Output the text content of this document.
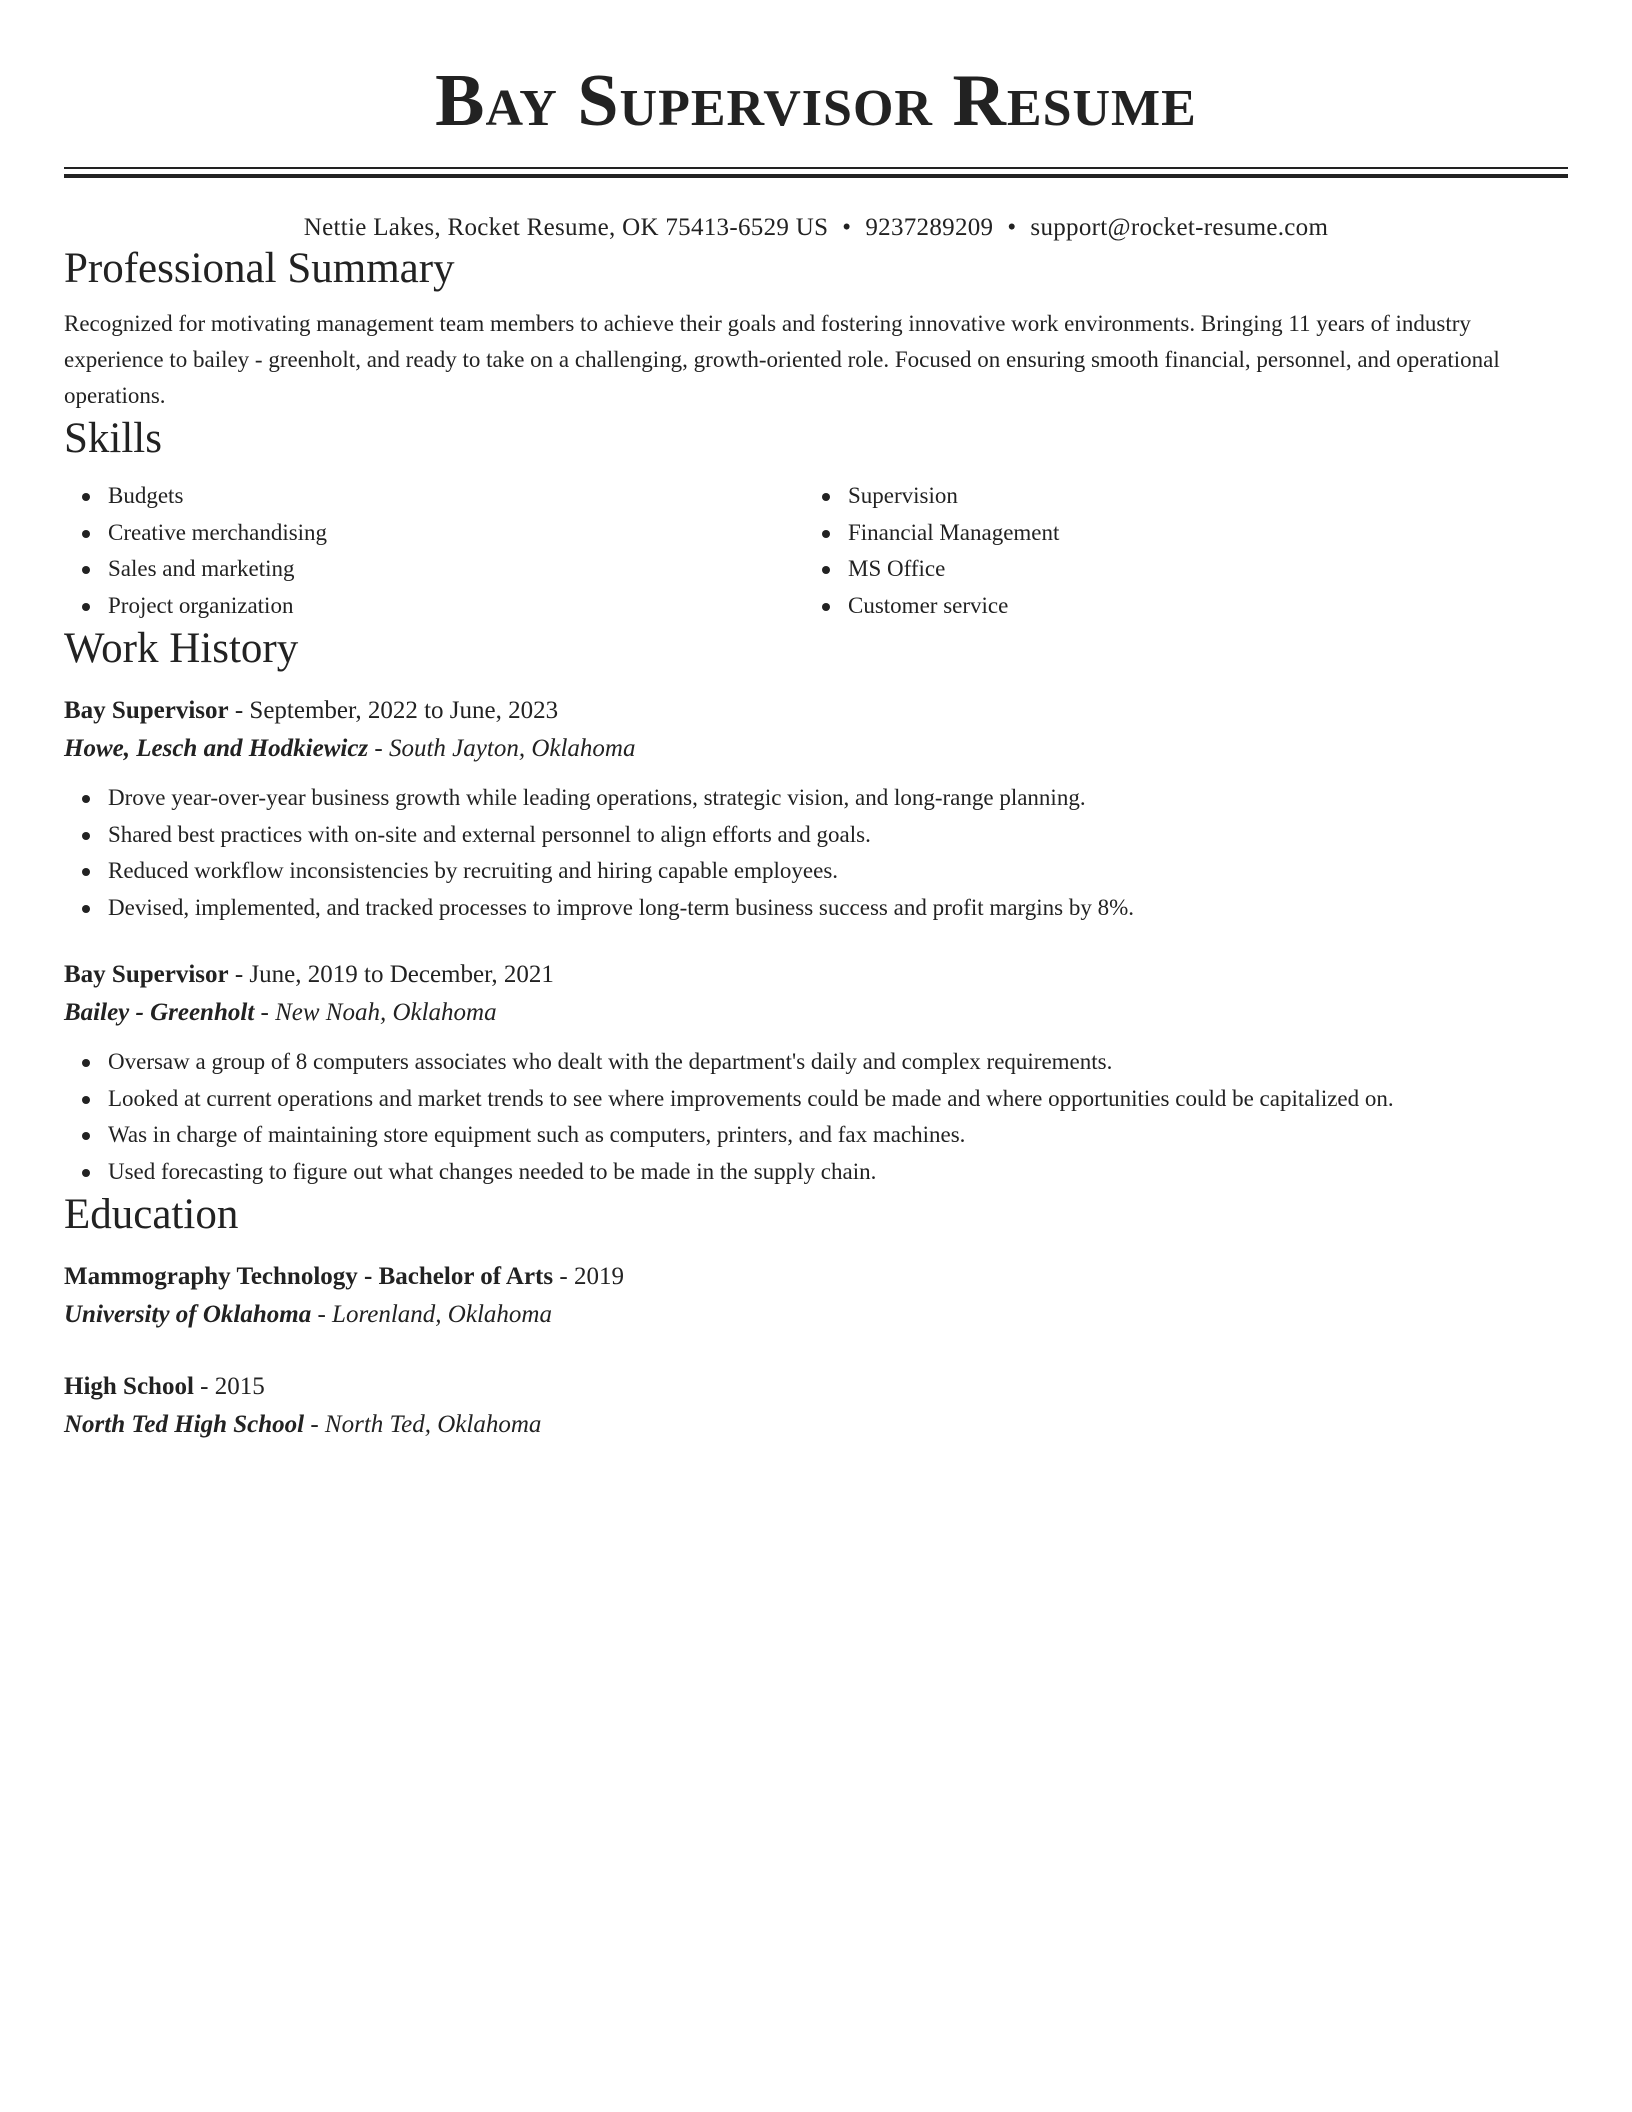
Bay Supervisor Resume
Nettie Lakes, Rocket Resume, OK 75413-6529 US • 9237289209 • support@rocket-resume.com
Professional Summary
Recognized for motivating management team members to achieve their goals and fostering innovative work environments. Bringing 11 years of industry experience to bailey - greenholt, and ready to take on a challenging, growth-oriented role. Focused on ensuring smooth financial, personnel, and operational operations.
Skills
Budgets
Creative merchandising
Sales and marketing
Project organization
Supervision
Financial Management
MS Office
Customer service
Work History
Bay Supervisor - September, 2022 to June, 2023
Howe, Lesch and Hodkiewicz - South Jayton, Oklahoma
Drove year-over-year business growth while leading operations, strategic vision, and long-range planning.
Shared best practices with on-site and external personnel to align efforts and goals.
Reduced workflow inconsistencies by recruiting and hiring capable employees.
Devised, implemented, and tracked processes to improve long-term business success and profit margins by 8%.
Bay Supervisor - June, 2019 to December, 2021
Bailey - Greenholt - New Noah, Oklahoma
Oversaw a group of 8 computers associates who dealt with the department's daily and complex requirements.
Looked at current operations and market trends to see where improvements could be made and where opportunities could be capitalized on.
Was in charge of maintaining store equipment such as computers, printers, and fax machines.
Used forecasting to figure out what changes needed to be made in the supply chain.
Education
Mammography Technology - Bachelor of Arts - 2019
University of Oklahoma - Lorenland, Oklahoma
High School - 2015
North Ted High School - North Ted, Oklahoma
